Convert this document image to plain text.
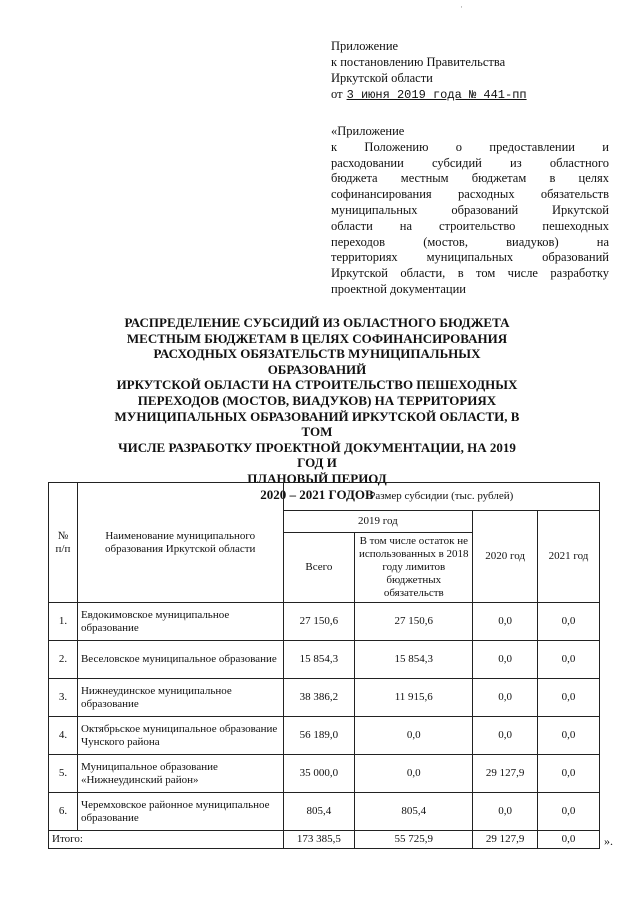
·
Приложение
к постановлению Правительства
Иркутской области
от 3 июня 2019 года № 441-пп
«Приложение
к Положению о предоставлении и
расходовании субсидий из областного
бюджета местным бюджетам в целях
софинансирования расходных обязательств
муниципальных образований Иркутской
области на строительство пешеходных
переходов (мостов, виадуков) на
территориях муниципальных образований
Иркутской области, в том числе разработку
проектной документации
РАСПРЕДЕЛЕНИЕ СУБСИДИЙ ИЗ ОБЛАСТНОГО БЮДЖЕТА
МЕСТНЫМ БЮДЖЕТАМ В ЦЕЛЯХ СОФИНАНСИРОВАНИЯ
РАСХОДНЫХ ОБЯЗАТЕЛЬСТВ МУНИЦИПАЛЬНЫХ ОБРАЗОВАНИЙ
ИРКУТСКОЙ ОБЛАСТИ НА СТРОИТЕЛЬСТВО ПЕШЕХОДНЫХ
ПЕРЕХОДОВ (МОСТОВ, ВИАДУКОВ) НА ТЕРРИТОРИЯХ
МУНИЦИПАЛЬНЫХ ОБРАЗОВАНИЙ ИРКУТСКОЙ ОБЛАСТИ, В ТОМ
ЧИСЛЕ РАЗРАБОТКУ ПРОЕКТНОЙ ДОКУМЕНТАЦИИ, НА 2019 ГОД И
ПЛАНОВЫЙ ПЕРИОД
2020 – 2021 ГОДОВ
№ п/п	Наименование муниципального образования Иркутской области	Размер субсидии (тыс. рублей)			
		2019 год		2020 год	2021 год
		Всего	В том числе остаток не использованных в 2018 году лимитов бюджетных обязательств		
1.	Евдокимовское муниципальное образование	27 150,6	27 150,6	0,0	0,0
2.	Веселовское муниципальное образование	15 854,3	15 854,3	0,0	0,0
3.	Нижнеудинское муниципальное образование	38 386,2	11 915,6	0,0	0,0
4.	Октябрьское муниципальное образование Чунского района	56 189,0	0,0	0,0	0,0
5.	Муниципальное образование «Нижнеудинский район»	35 000,0	0,0	29 127,9	0,0
6.	Черемховское районное муниципальное образование	805,4	805,4	0,0	0,0
Итого:		173 385,5	55 725,9	29 127,9	0,0 ».
